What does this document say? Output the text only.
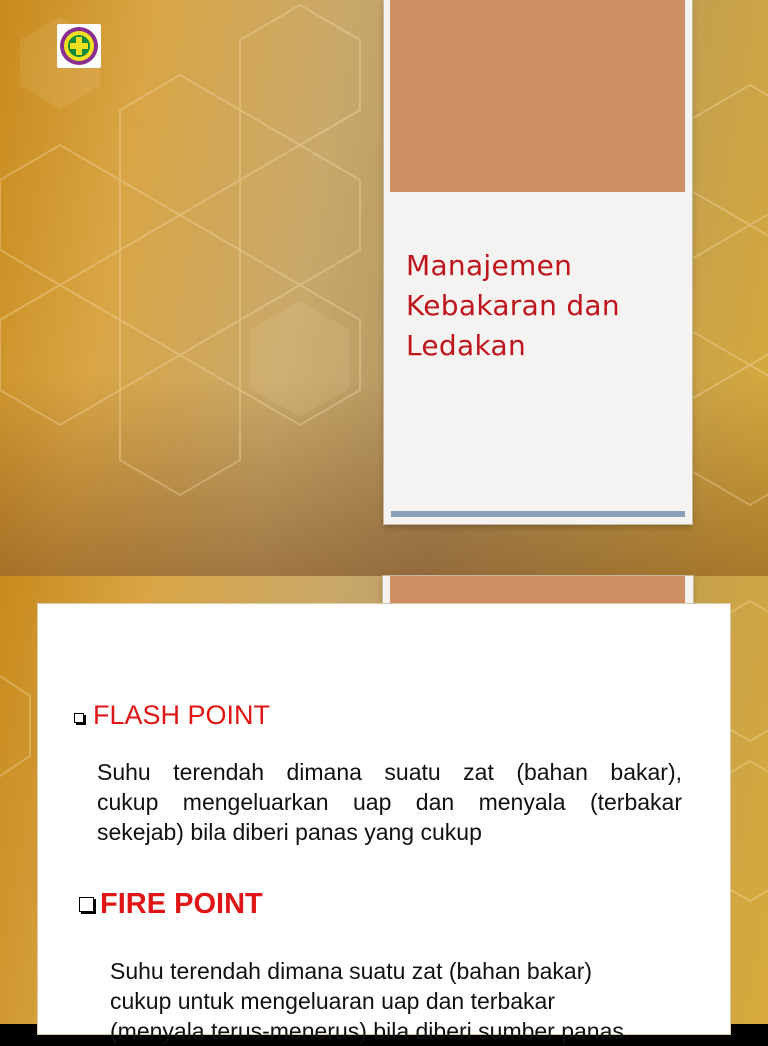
Manajemen
Kebakaran dan
Ledakan
FLASH POINT
Suhu terendah dimana suatu zat (bahan bakar),
cukup mengeluarkan uap dan menyala (terbakar
sekejab) bila diberi panas yang cukup
FIRE POINT
Suhu terendah dimana suatu zat (bahan bakar)
cukup untuk mengeluaran uap dan terbakar
(menyala terus-menerus) bila diberi sumber panas.
